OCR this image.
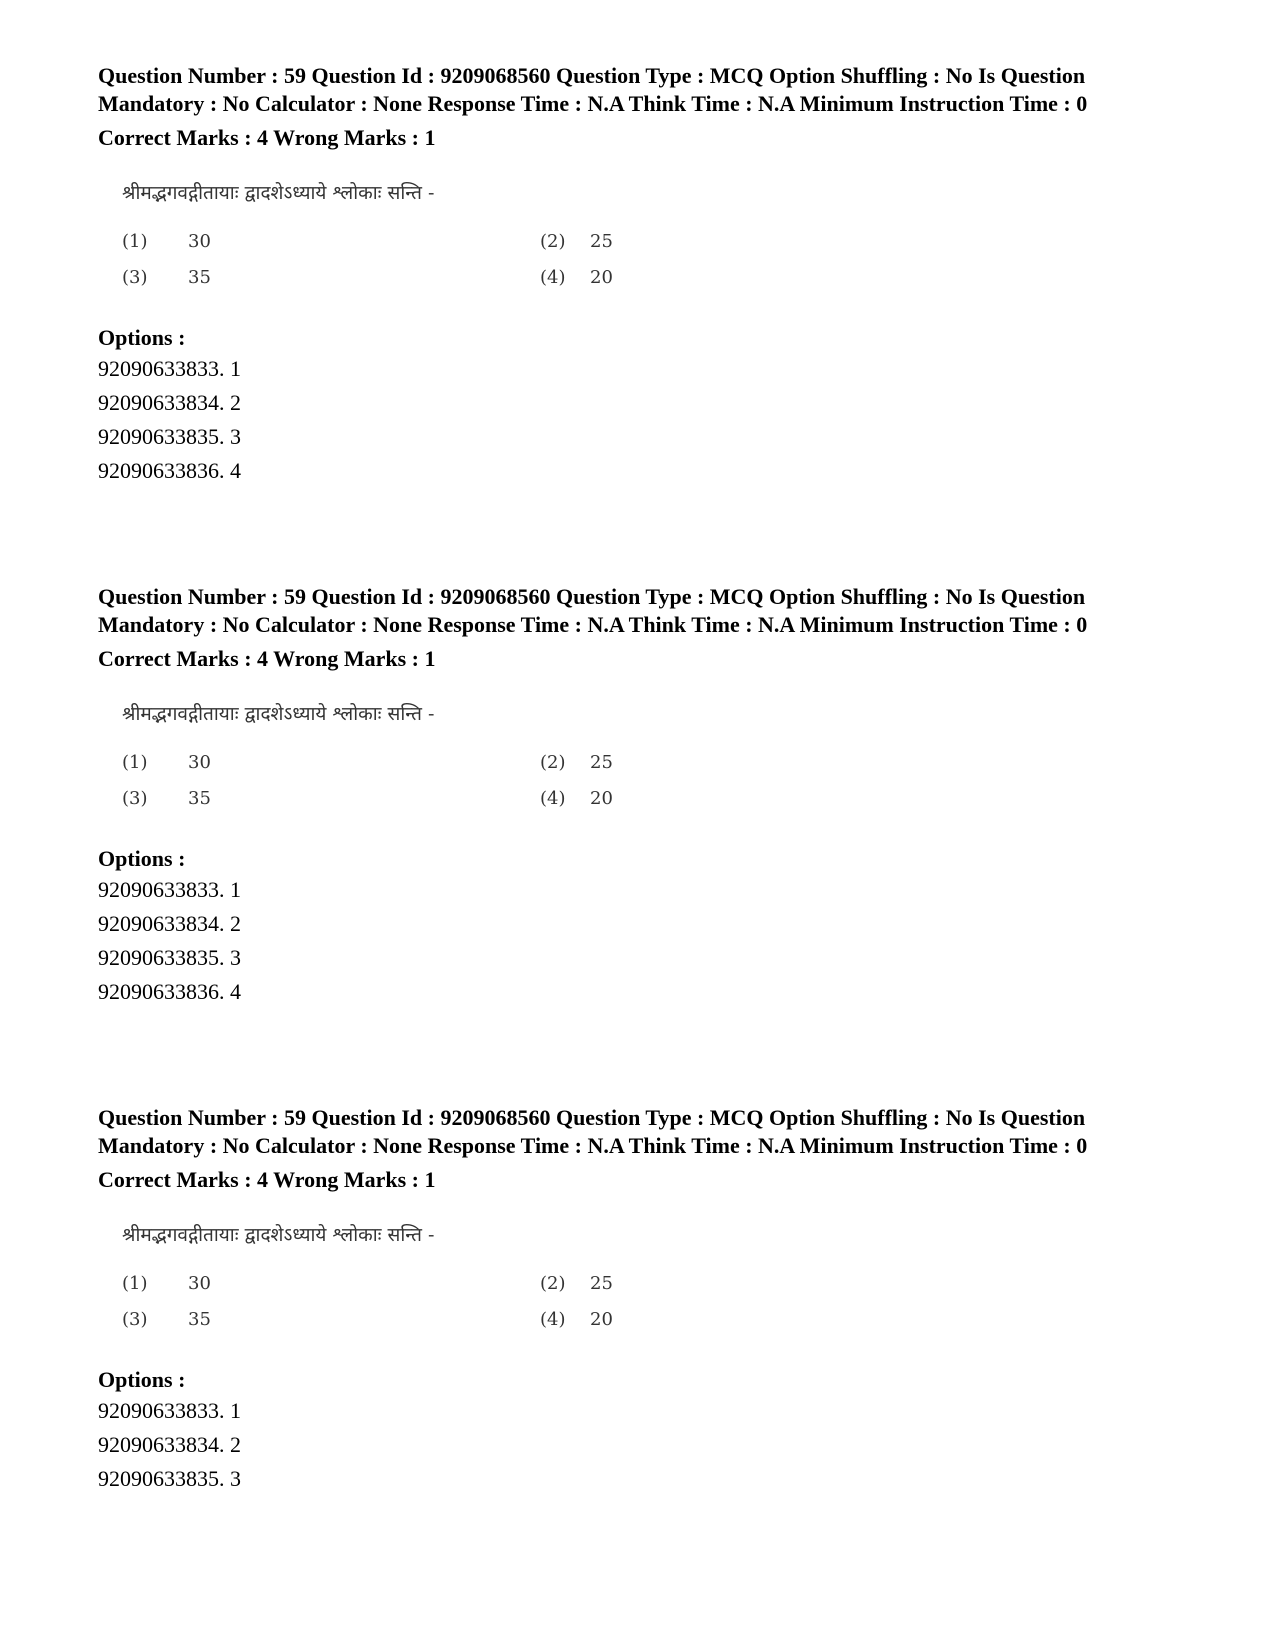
Question Number : 59 Question Id : 9209068560 Question Type : MCQ Option Shuffling : No Is Question Mandatory : No Calculator : None Response Time : N.A Think Time : N.A Minimum Instruction Time : 0

Correct Marks : 4 Wrong Marks : 1
श्रीमद्भगवद्गीतायाः द्वादशेऽध्याये श्लोकाः सन्ति -
(1) 30	(2) 25
(3) 35	(4) 20
Options :
92090633833. 1
92090633834. 2
92090633835. 3
92090633836. 4

Question Number : 59 Question Id : 9209068560 Question Type : MCQ Option Shuffling : No Is Question Mandatory : No Calculator : None Response Time : N.A Think Time : N.A Minimum Instruction Time : 0

Correct Marks : 4 Wrong Marks : 1
श्रीमद्भगवद्गीतायाः द्वादशेऽध्याये श्लोकाः सन्ति -
(1) 30	(2) 25
(3) 35	(4) 20
Options :
92090633833. 1
92090633834. 2
92090633835. 3
92090633836. 4

Question Number : 59 Question Id : 9209068560 Question Type : MCQ Option Shuffling : No Is Question Mandatory : No Calculator : None Response Time : N.A Think Time : N.A Minimum Instruction Time : 0

Correct Marks : 4 Wrong Marks : 1
श्रीमद्भगवद्गीतायाः द्वादशेऽध्याये श्लोकाः सन्ति -
(1) 30	(2) 25
(3) 35	(4) 20
Options :
92090633833. 1
92090633834. 2
92090633835. 3
